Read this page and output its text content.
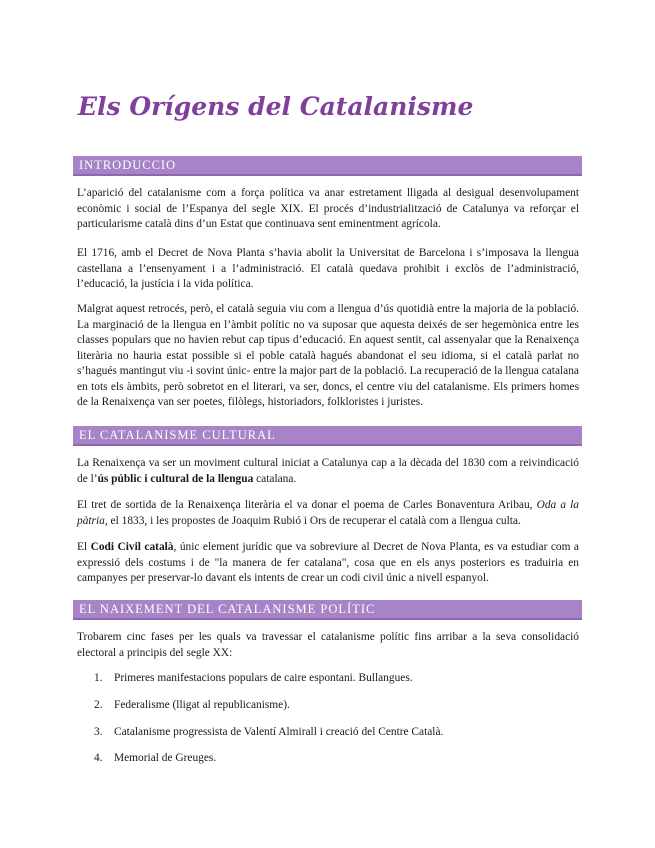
Els Orígens del Catalanisme
INTRODUCCIO

L’aparició del catalanisme com a força política va anar estretament lligada al desigual desenvolupament econòmic i social de l’Espanya del segle XIX. El procés d’industrialització de Catalunya va reforçar el particularisme català dins d’un Estat que continuava sent eminentment agrícola.

El 1716, amb el Decret de Nova Planta s’havia abolit la Universitat de Barcelona i s’imposava la llengua castellana a l’ensenyament i a l’administració. El català quedava prohibit i exclòs de l’administració, l’educació, la justícia i la vida política.

Malgrat aquest retrocés, però, el català seguia viu com a llengua d’ús quotidià entre la majoria de la població. La marginació de la llengua en l’àmbit polític no va suposar que aquesta deixés de ser hegemònica entre les classes populars que no havien rebut cap tipus d’educació. En aquest sentit, cal assenyalar que la Renaixença literària no hauria estat possible si el poble català hagués abandonat el seu idioma, si el català parlat no s’hagués mantingut viu -i sovint únic- entre la major part de la població. La recuperació de la llengua catalana en tots els àmbits, però sobretot en el literari, va ser, doncs, el centre viu del catalanisme. Els primers homes de la Renaixença van ser poetes, filòlegs, historiadors, folkloristes i juristes.

EL CATALANISME CULTURAL

La Renaixença va ser un moviment cultural iniciat a Catalunya cap a la dècada del 1830 com a reivindicació de l’ús públic i cultural de la llengua catalana.

El tret de sortida de la Renaixença literària el va donar el poema de Carles Bonaventura Aribau, Oda a la pàtria, el 1833, i les propostes de Joaquim Rubió i Ors de recuperar el català com a llengua culta.

El Codi Civil català, únic element jurídic que va sobreviure al Decret de Nova Planta, es va estudiar com a expressió dels costums i de "la manera de fer catalana", cosa que en els anys posteriors es traduiria en campanyes per preservar-lo davant els intents de crear un codi civil únic a nivell espanyol.

EL NAIXEMENT DEL CATALANISME POLÍTIC

Trobarem cinc fases per les quals va travessar el catalanisme polític fins arribar a la seva consolidació electoral a principis del segle XX:

1. Primeres manifestacions populars de caire espontani. Bullangues.
2. Federalisme (lligat al republicanisme).
3. Catalanisme progressista de Valentí Almirall i creació del Centre Català.
4. Memorial de Greuges.
